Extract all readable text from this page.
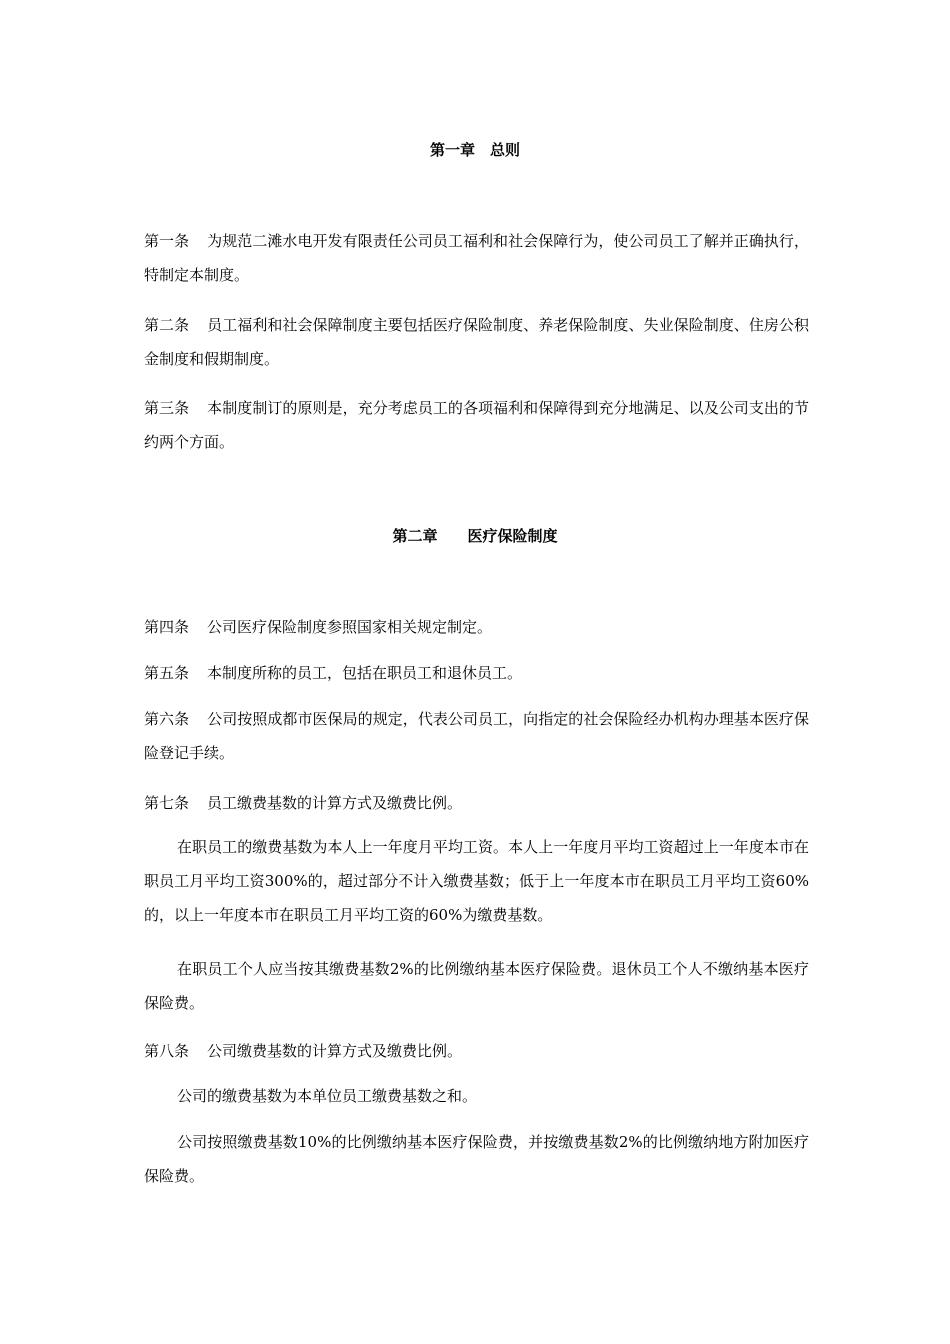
第一章　总则
第一条 为规范二滩水电开发有限责任公司员工福利和社会保障行为，使公司员工了解并正确执行，特制定本制度。
第二条 员工福利和社会保障制度主要包括医疗保险制度、养老保险制度、失业保险制度、住房公积金制度和假期制度。
第三条 本制度制订的原则是，充分考虑员工的各项福利和保障得到充分地满足、以及公司支出的节约两个方面。
第二章　　医疗保险制度
第四条 公司医疗保险制度参照国家相关规定制定。
第五条 本制度所称的员工，包括在职员工和退休员工。
第六条 公司按照成都市医保局的规定，代表公司员工，向指定的社会保险经办机构办理基本医疗保险登记手续。
第七条 员工缴费基数的计算方式及缴费比例。
在职员工的缴费基数为本人上一年度月平均工资。本人上一年度月平均工资超过上一年度本市在职员工月平均工资300%的，超过部分不计入缴费基数；低于上一年度本市在职员工月平均工资60%的，以上一年度本市在职员工月平均工资的60%为缴费基数。
在职员工个人应当按其缴费基数2%的比例缴纳基本医疗保险费。退休员工个人不缴纳基本医疗保险费。
第八条 公司缴费基数的计算方式及缴费比例。
公司的缴费基数为本单位员工缴费基数之和。
公司按照缴费基数10%的比例缴纳基本医疗保险费，并按缴费基数2%的比例缴纳地方附加医疗保险费。
